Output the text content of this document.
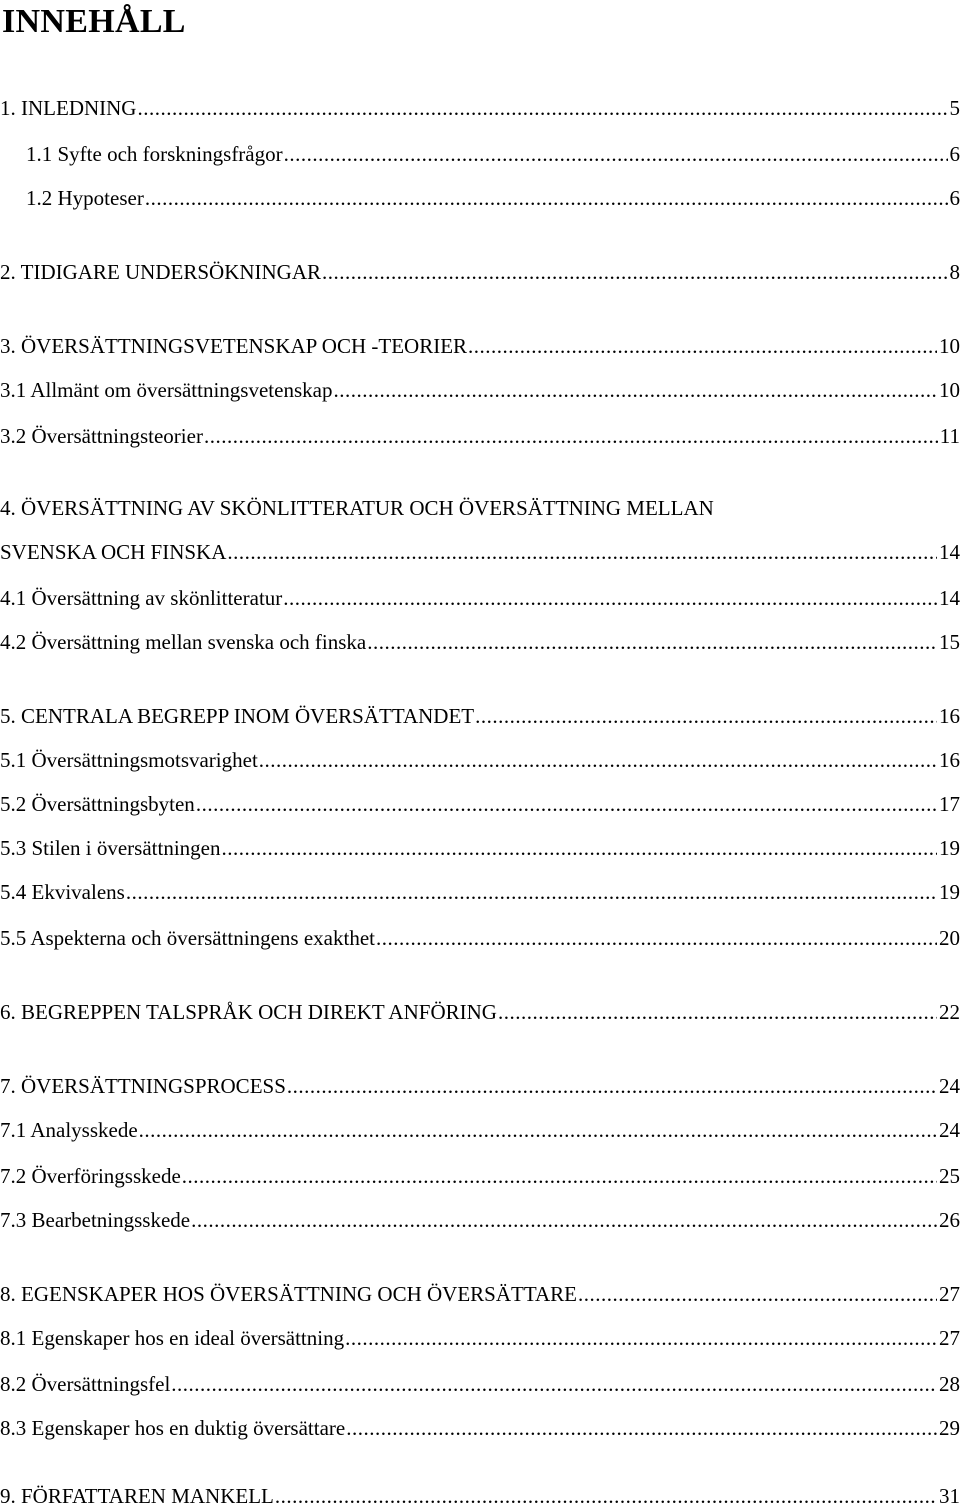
INNEHÅLL
1. INLEDNING .....	5
1.1 Syfte och forskningsfrågor .....	6
1.2 Hypoteser .....	6
2. TIDIGARE UNDERSÖKNINGAR .....	8
3. ÖVERSÄTTNINGSVETENSKAP OCH -TEORIER .....	10
3.1 Allmänt om översättningsvetenskap .....	10
3.2 Översättningsteorier .....	11
4. ÖVERSÄTTNING AV SKÖNLITTERATUR OCH ÖVERSÄTTNING MELLAN
SVENSKA OCH FINSKA .....	14
4.1 Översättning av skönlitteratur .....	14
4.2 Översättning mellan svenska och finska .....	15
5. CENTRALA BEGREPP INOM ÖVERSÄTTANDET .....	16
5.1 Översättningsmotsvarighet .....	16
5.2 Översättningsbyten .....	17
5.3 Stilen i översättningen .....	19
5.4 Ekvivalens .....	19
5.5 Aspekterna och översättningens exakthet .....	20
6. BEGREPPEN TALSPRÅK OCH DIREKT ANFÖRING .....	22
7. ÖVERSÄTTNINGSPROCESS .....	24
7.1 Analysskede .....	24
7.2 Överföringsskede .....	25
7.3 Bearbetningsskede .....	26
8. EGENSKAPER HOS ÖVERSÄTTNING OCH ÖVERSÄTTARE .....	27
8.1 Egenskaper hos en ideal översättning .....	27
8.2 Översättningsfel .....	28
8.3 Egenskaper hos en duktig översättare .....	29
9. FÖRFATTAREN MANKELL .....	31
